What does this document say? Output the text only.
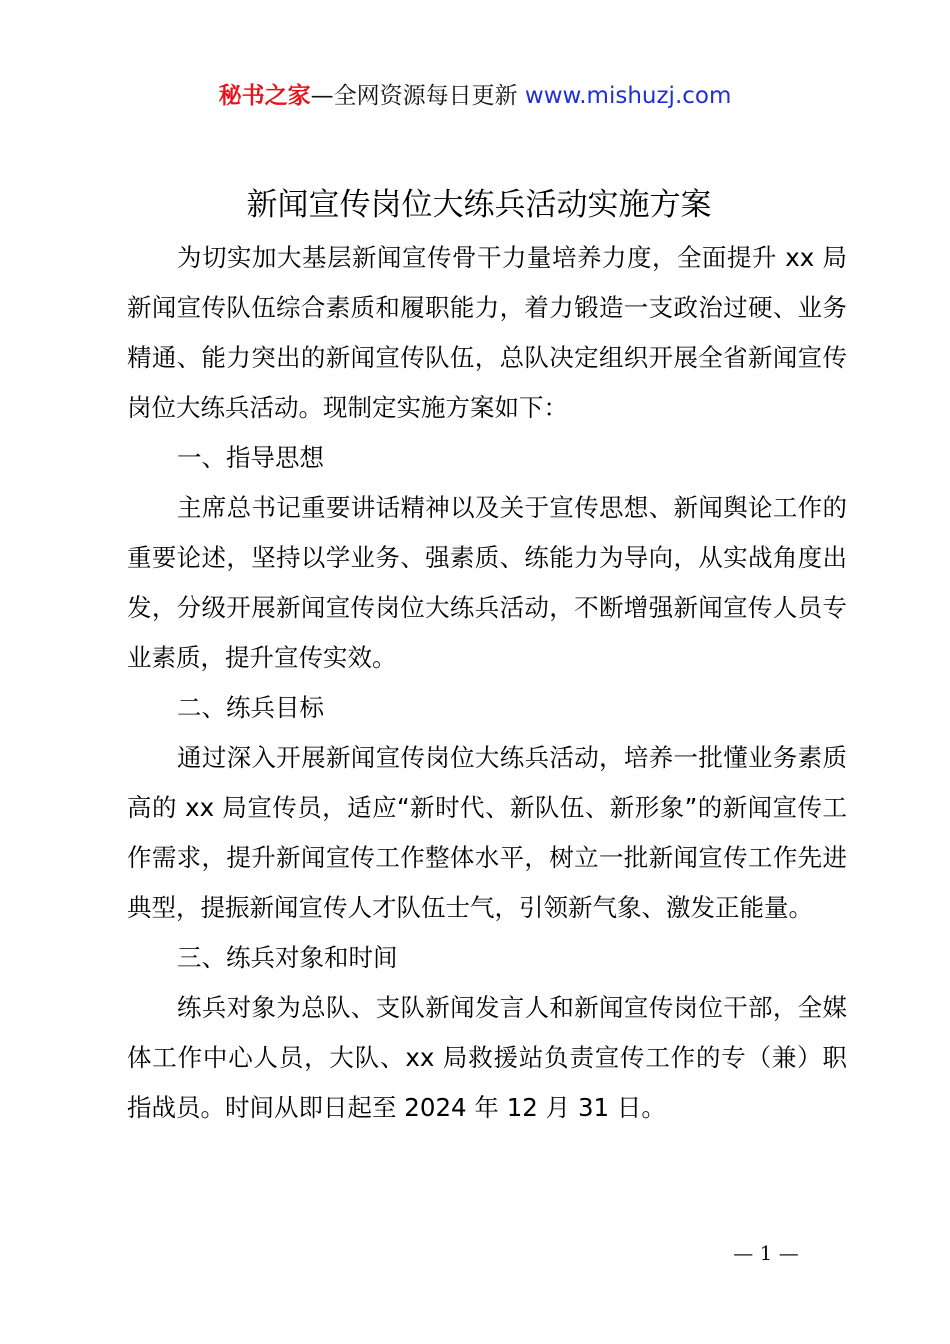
秘书之家—全网资源每日更新 www.mishuzj.com
新闻宣传岗位大练兵活动实施方案

为切实加大基层新闻宣传骨干力量培养力度，全面提升 xx 局新闻宣传队伍综合素质和履职能力，着力锻造一支政治过硬、业务精通、能力突出的新闻宣传队伍，总队决定组织开展全省新闻宣传岗位大练兵活动。现制定实施方案如下：

一、指导思想

主席总书记重要讲话精神以及关于宣传思想、新闻舆论工作的重要论述，坚持以学业务、强素质、练能力为导向，从实战角度出发，分级开展新闻宣传岗位大练兵活动，不断增强新闻宣传人员专业素质，提升宣传实效。

二、练兵目标

通过深入开展新闻宣传岗位大练兵活动，培养一批懂业务素质高的 xx 局宣传员，适应“新时代、新队伍、新形象”的新闻宣传工作需求，提升新闻宣传工作整体水平，树立一批新闻宣传工作先进典型，提振新闻宣传人才队伍士气，引领新气象、激发正能量。

三、练兵对象和时间

练兵对象为总队、支队新闻发言人和新闻宣传岗位干部，全媒体工作中心人员，大队、xx 局救援站负责宣传工作的专（兼）职指战员。时间从即日起至 2024 年 12 月 31 日。

— 1 —
